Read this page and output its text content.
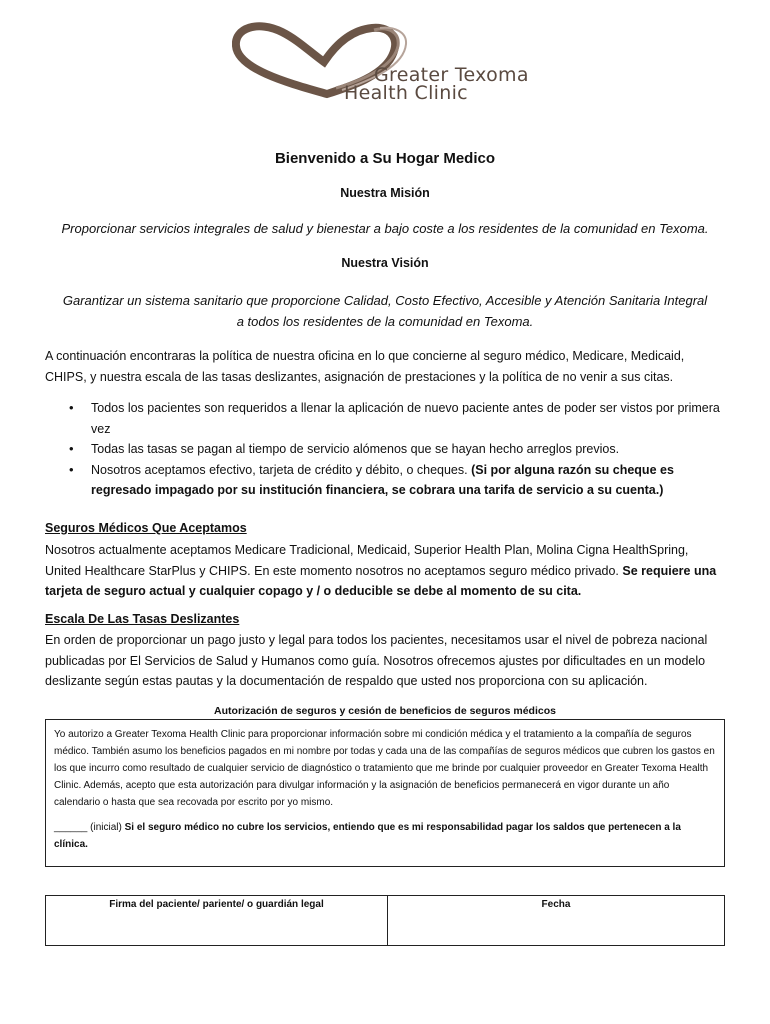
Greater Texoma
Health Clinic
Bienvenido a Su Hogar Medico
Nuestra Misión
Proporcionar servicios integrales de salud y bienestar a bajo coste a los residentes de la comunidad en Texoma.
Nuestra Visión
Garantizar un sistema sanitario que proporcione Calidad, Costo Efectivo, Accesible y Atención Sanitaria Integral a todos los residentes de la comunidad en Texoma.
A continuación encontraras la política de nuestra oficina en lo que concierne al seguro médico, Medicare, Medicaid, CHIPS, y nuestra escala de las tasas deslizantes, asignación de prestaciones y la política de no venir a sus citas.
• Todos los pacientes son requeridos a llenar la aplicación de nuevo paciente antes de poder ser vistos por primera vez
• Todas las tasas se pagan al tiempo de servicio alómenos que se hayan hecho arreglos previos.
• Nosotros aceptamos efectivo, tarjeta de crédito y débito, o cheques. (Si por alguna razón su cheque es regresado impagado por su institución financiera, se cobrara una tarifa de servicio a su cuenta.)
Seguros Médicos Que Aceptamos
Nosotros actualmente aceptamos Medicare Tradicional, Medicaid, Superior Health Plan, Molina Cigna HealthSpring, United Healthcare StarPlus y CHIPS. En este momento nosotros no aceptamos seguro médico privado. Se requiere una tarjeta de seguro actual y cualquier copago y / o deducible se debe al momento de su cita.
Escala De Las Tasas Deslizantes
En orden de proporcionar un pago justo y legal para todos los pacientes, necesitamos usar el nivel de pobreza nacional publicadas por El Servicios de Salud y Humanos como guía. Nosotros ofrecemos ajustes por dificultades en un modelo deslizante según estas pautas y la documentación de respaldo que usted nos proporciona con su aplicación.
Autorización de seguros y cesión de beneficios de seguros médicos
Yo autorizo a Greater Texoma Health Clinic para proporcionar información sobre mi condición médica y el tratamiento a la compañía de seguros médico. También asumo los beneficios pagados en mi nombre por todas y cada una de las compañías de seguros médicos que cubren los gastos en los que incurro como resultado de cualquier servicio de diagnóstico o tratamiento que me brinde por cualquier proveedor en Greater Texoma Health Clinic. Además, acepto que esta autorización para divulgar información y la asignación de beneficios permanecerá en vigor durante un año calendario o hasta que sea recovada por escrito por yo mismo.
______ (inicial) Si el seguro médico no cubre los servicios, entiendo que es mi responsabilidad pagar los saldos que pertenecen a la clínica.
Firma del paciente/ pariente/ o guardián legal	Fecha
